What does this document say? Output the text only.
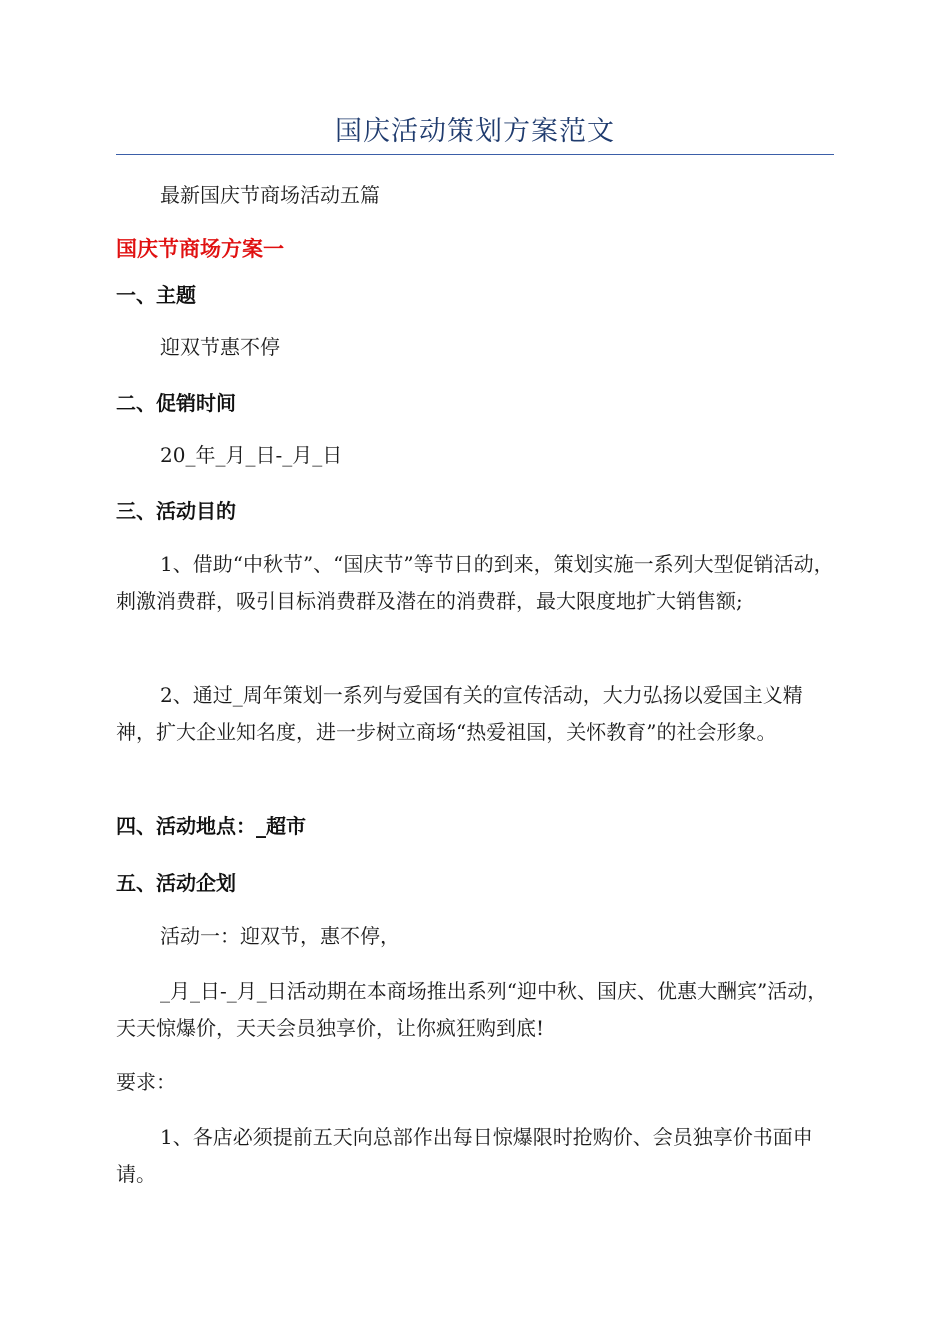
国庆活动策划方案范文

最新国庆节商场活动五篇

国庆节商场方案一
一、主题

迎双节惠不停

二、促销时间

20_年_月_日-_月_日

三、活动目的

1、借助“中秋节”、“国庆节”等节日的到来，策划实施一系列大型促销活动，刺激消费群，吸引目标消费群及潜在的消费群，最大限度地扩大销售额;

2、通过_周年策划一系列与爱国有关的宣传活动，大力弘扬以爱国主义精神，扩大企业知名度，进一步树立商场“热爱祖国，关怀教育”的社会形象。

四、活动地点：_超市
五、活动企划

活动一：迎双节，惠不停，

_月_日-_月_日活动期在本商场推出系列“迎中秋、国庆、优惠大酬宾”活动，天天惊爆价，天天会员独享价，让你疯狂购到底!

要求：

1、各店必须提前五天向总部作出每日惊爆限时抢购价、会员独享价书面申请。
